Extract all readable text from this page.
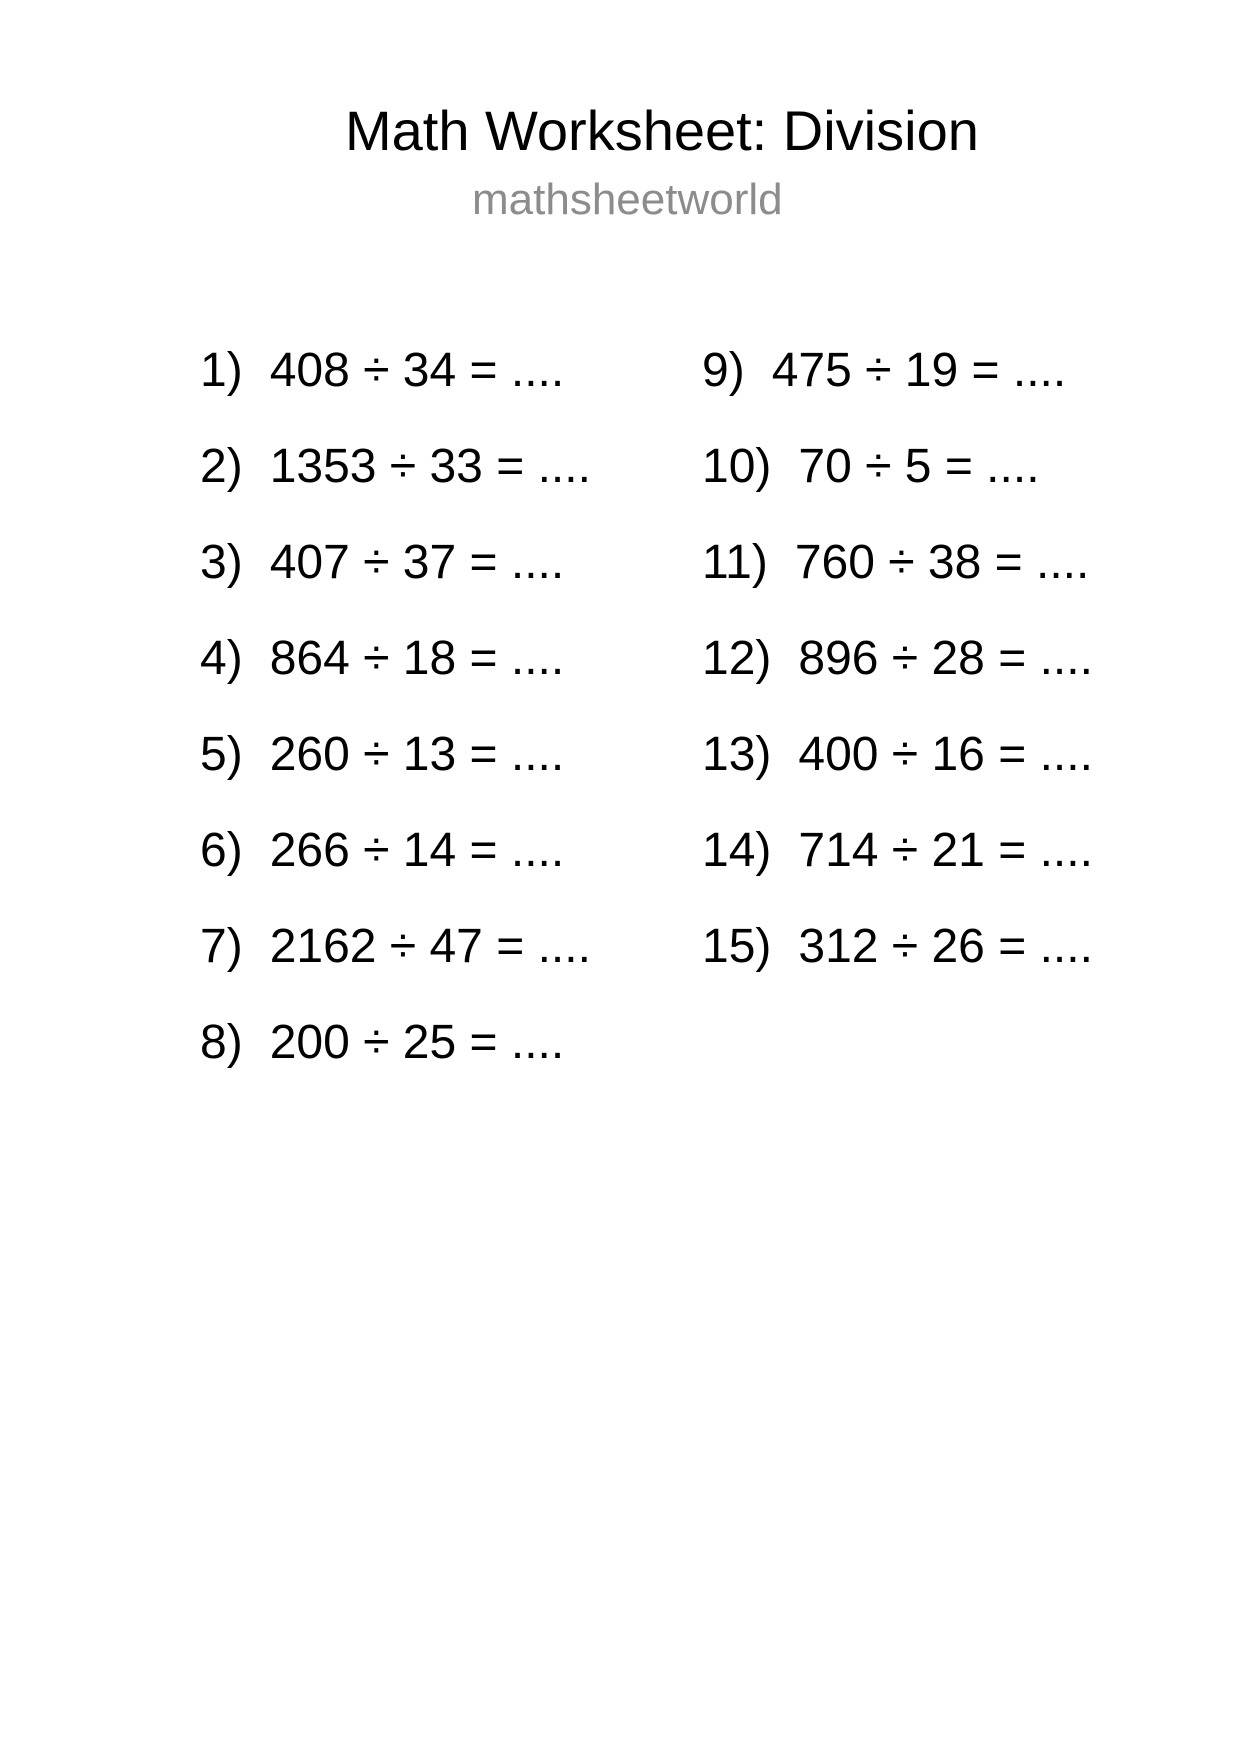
Math Worksheet: Division
mathsheetworld
1) 408 ÷ 34 = ....
2) 1353 ÷ 33 = ....
3) 407 ÷ 37 = ....
4) 864 ÷ 18 = ....
5) 260 ÷ 13 = ....
6) 266 ÷ 14 = ....
7) 2162 ÷ 47 = ....
8) 200 ÷ 25 = ....
9) 475 ÷ 19 = ....
10) 70 ÷ 5 = ....
11) 760 ÷ 38 = ....
12) 896 ÷ 28 = ....
13) 400 ÷ 16 = ....
14) 714 ÷ 21 = ....
15) 312 ÷ 26 = ....
